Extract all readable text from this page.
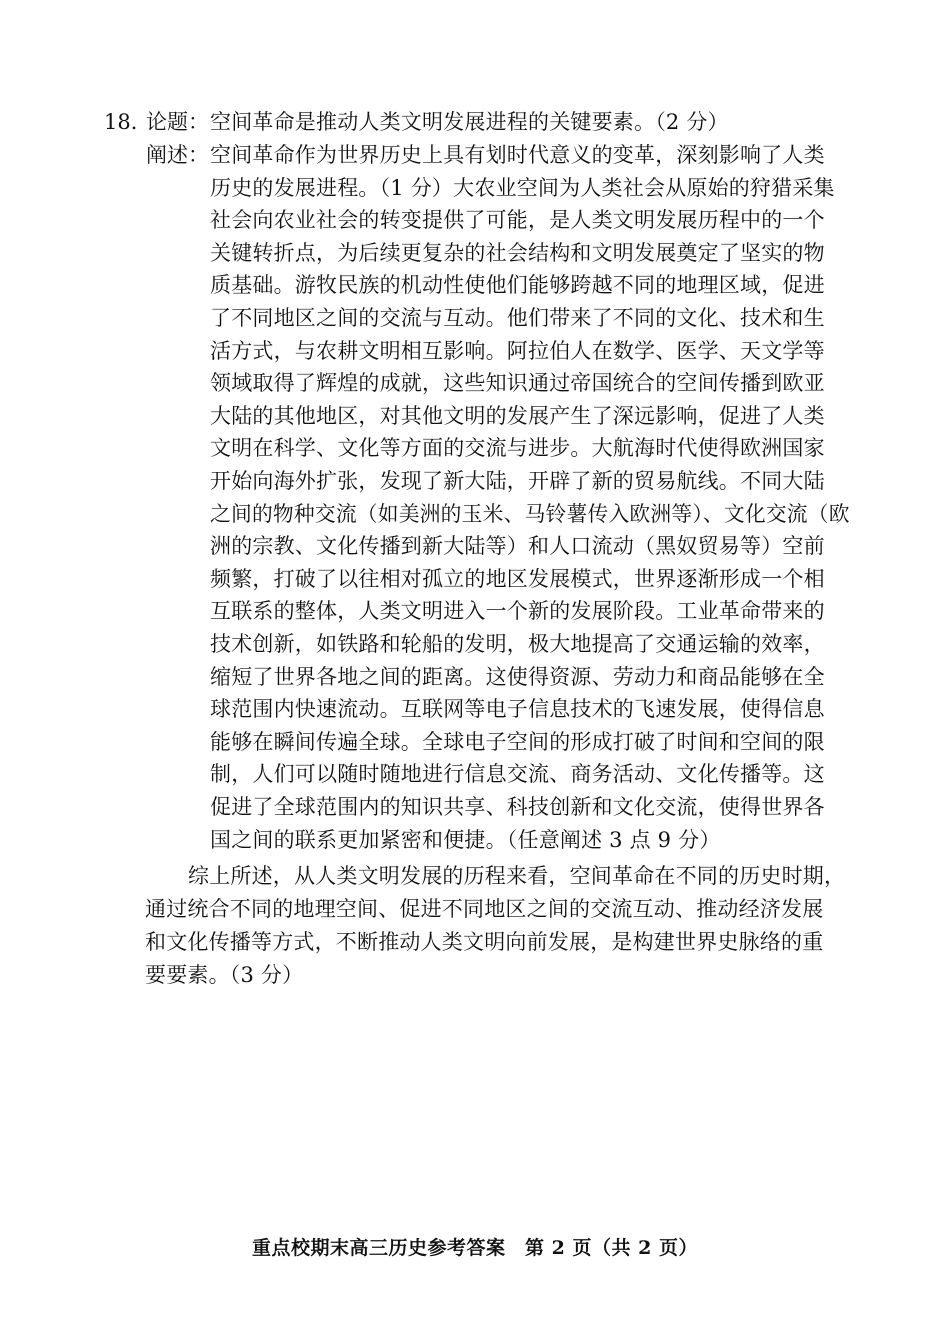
18．
论题： 空间革命是推动人类文明发展进程的关键要素。（2 分）
阐述： 空间革命作为世界历史上具有划时代意义的变革，深刻影响了人类
历史的发展进程。（1 分）大农业空间为人类社会从原始的狩猎采集
社会向农业社会的转变提供了可能，是人类文明发展历程中的一个
关键转折点，为后续更复杂的社会结构和文明发展奠定了坚实的物
质基础。游牧民族的机动性使他们能够跨越不同的地理区域，促进
了不同地区之间的交流与互动。他们带来了不同的文化、技术和生
活方式，与农耕文明相互影响。阿拉伯人在数学、医学、天文学等
领域取得了辉煌的成就，这些知识通过帝国统合的空间传播到欧亚
大陆的其他地区，对其他文明的发展产生了深远影响，促进了人类
文明在科学、文化等方面的交流与进步。大航海时代使得欧洲国家
开始向海外扩张，发现了新大陆，开辟了新的贸易航线。不同大陆
之间的物种交流（如美洲的玉米、马铃薯传入欧洲等）、文化交流（欧
洲的宗教、文化传播到新大陆等）和人口流动（黑奴贸易等）空前
频繁，打破了以往相对孤立的地区发展模式，世界逐渐形成一个相
互联系的整体，人类文明进入一个新的发展阶段。工业革命带来的
技术创新，如铁路和轮船的发明，极大地提高了交通运输的效率，
缩短了世界各地之间的距离。这使得资源、劳动力和商品能够在全
球范围内快速流动。互联网等电子信息技术的飞速发展，使得信息
能够在瞬间传遍全球。全球电子空间的形成打破了时间和空间的限
制，人们可以随时随地进行信息交流、商务活动、文化传播等。这
促进了全球范围内的知识共享、科技创新和文化交流，使得世界各
国之间的联系更加紧密和便捷。（任意阐述 3 点 9 分）
综上所述，从人类文明发展的历程来看，空间革命在不同的历史时期，
通过统合不同的地理空间、促进不同地区之间的交流互动、推动经济发展
和文化传播等方式，不断推动人类文明向前发展，是构建世界史脉络的重
要要素。（3 分）
重点校期末高三历史参考答案　第 2 页（共 2 页）
